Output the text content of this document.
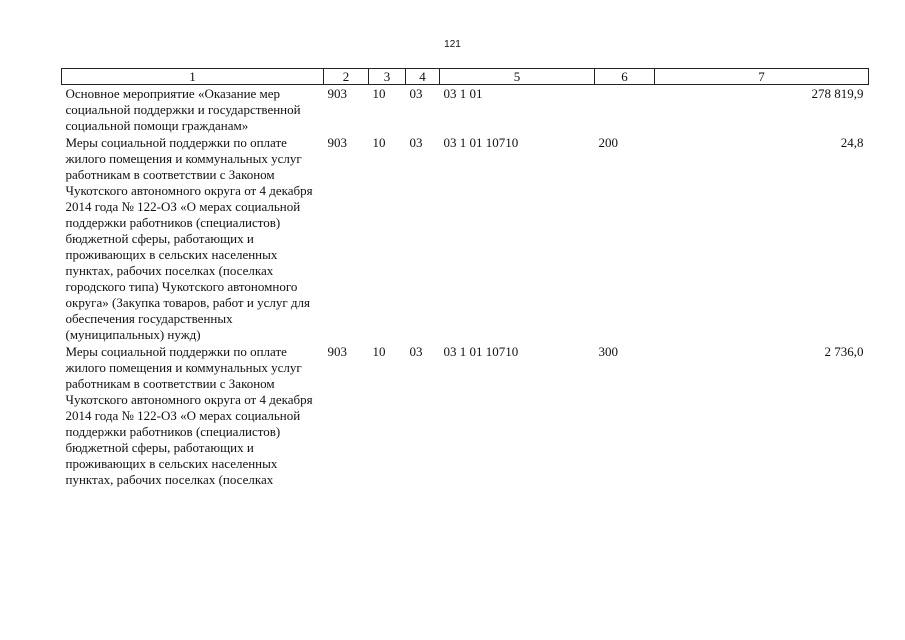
121
1	2	3	4	5	6	7
Основное мероприятие «Оказание мер социальной поддержки и государственной социальной помощи гражданам»	903	10	03	03 1 01		278 819,9
Меры социальной поддержки по оплате жилого помещения и коммунальных услуг работникам в соответствии с Законом Чукотского автономного округа от 4 декабря 2014 года № 122-ОЗ «О мерах социальной поддержки работников (специалистов) бюджетной сферы, работающих и проживающих в сельских населенных пунктах, рабочих поселках (поселках городского типа) Чукотского автономного округа» (Закупка товаров, работ и услуг для обеспечения государственных (муниципальных) нужд)	903	10	03	03 1 01 10710	200	24,8
Меры социальной поддержки по оплате жилого помещения и коммунальных услуг работникам в соответствии с Законом Чукотского автономного округа от 4 декабря 2014 года № 122-ОЗ «О мерах социальной поддержки работников (специалистов) бюджетной сферы, работающих и проживающих в сельских населенных пунктах, рабочих поселках (поселках	903	10	03	03 1 01 10710	300	2 736,0
